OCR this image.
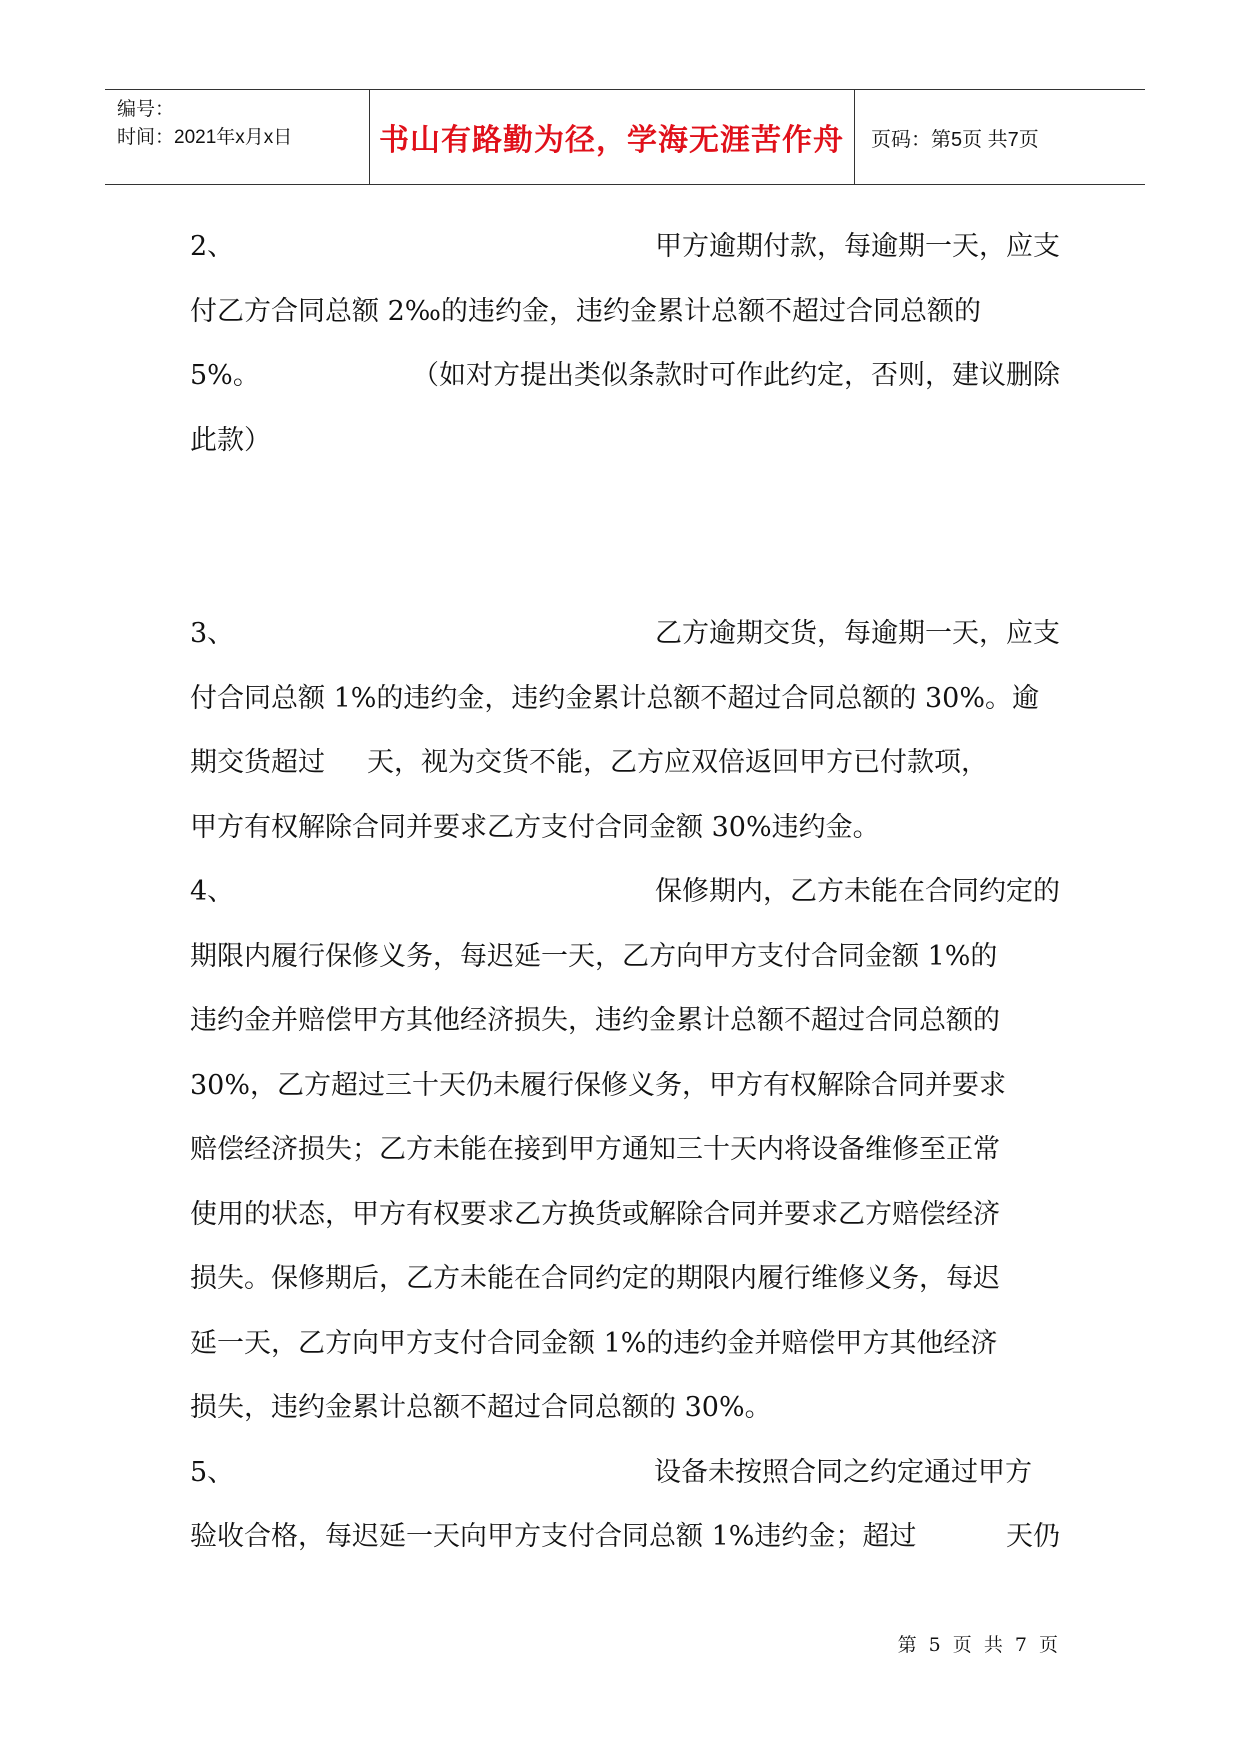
编号：
时间：2021年x月x日	书山有路勤为径，学海无涯苦作舟	页码：第5页 共7页
2、	甲方逾期付款，每逾期一天，应支
付乙方合同总额 2‰的违约金，违约金累计总额不超过合同总额的
5%。	（如对方提出类似条款时可作此约定，否则，建议删除
此款）
3、	乙方逾期交货，每逾期一天，应支
付合同总额 1%的违约金，违约金累计总额不超过合同总额的 30%。逾
期交货超过 天，视为交货不能，乙方应双倍返回甲方已付款项，
甲方有权解除合同并要求乙方支付合同金额 30%违约金。
4、	保修期内，乙方未能在合同约定的
期限内履行保修义务，每迟延一天，乙方向甲方支付合同金额 1%的
违约金并赔偿甲方其他经济损失，违约金累计总额不超过合同总额的
30%，乙方超过三十天仍未履行保修义务，甲方有权解除合同并要求
赔偿经济损失；乙方未能在接到甲方通知三十天内将设备维修至正常
使用的状态，甲方有权要求乙方换货或解除合同并要求乙方赔偿经济
损失。保修期后，乙方未能在合同约定的期限内履行维修义务，每迟
延一天，乙方向甲方支付合同金额 1%的违约金并赔偿甲方其他经济
损失，违约金累计总额不超过合同总额的 30%。
5、	设备未按照合同之约定通过甲方
验收合格，每迟延一天向甲方支付合同总额 1%违约金；超过	天仍
第 5 页 共 7 页
